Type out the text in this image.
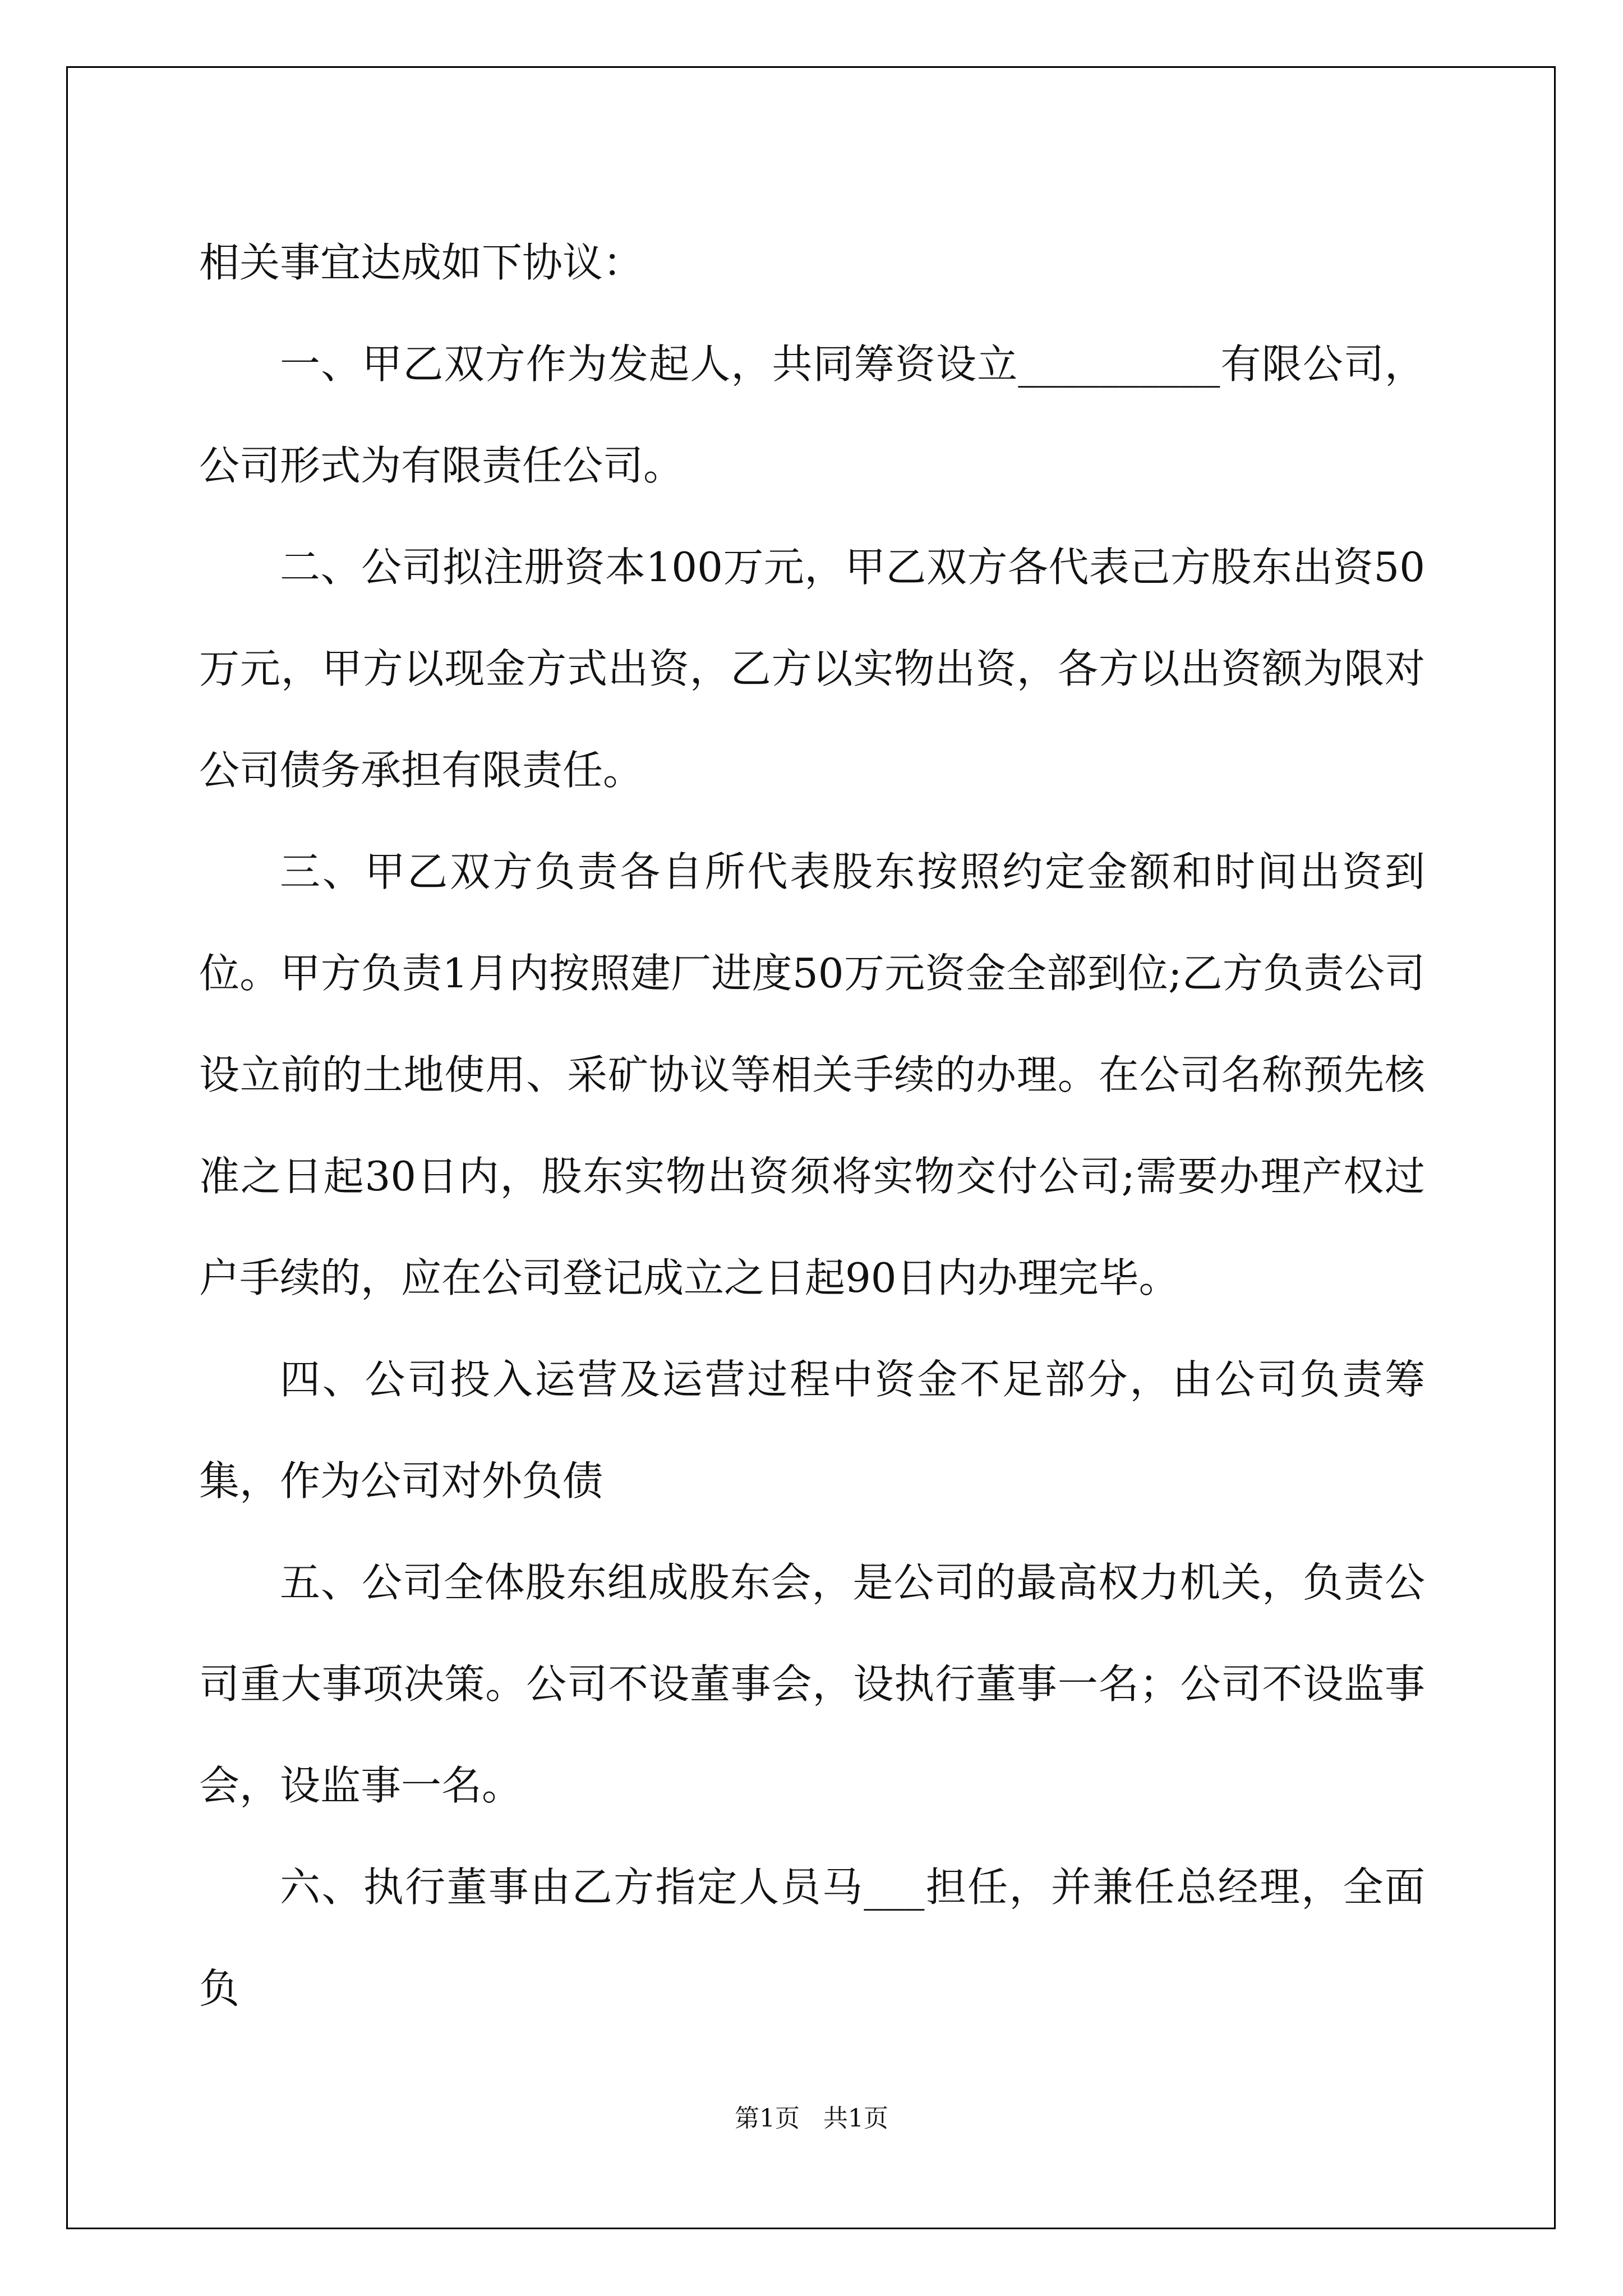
相关事宜达成如下协议：

一、甲乙双方作为发起人，共同筹资设立__________有限公司，公司形式为有限责任公司。

二、公司拟注册资本100万元，甲乙双方各代表己方股东出资50万元，甲方以现金方式出资，乙方以实物出资，各方以出资额为限对公司债务承担有限责任。

三、甲乙双方负责各自所代表股东按照约定金额和时间出资到位。甲方负责1月内按照建厂进度50万元资金全部到位;乙方负责公司设立前的土地使用、采矿协议等相关手续的办理。在公司名称预先核准之日起30日内，股东实物出资须将实物交付公司;需要办理产权过户手续的，应在公司登记成立之日起90日内办理完毕。

四、公司投入运营及运营过程中资金不足部分，由公司负责筹集，作为公司对外负债

五、公司全体股东组成股东会，是公司的最高权力机关，负责公司重大事项决策。公司不设董事会，设执行董事一名；公司不设监事会，设监事一名。

六、执行董事由乙方指定人员马___担任，并兼任总经理，全面负

第1页   共1页
